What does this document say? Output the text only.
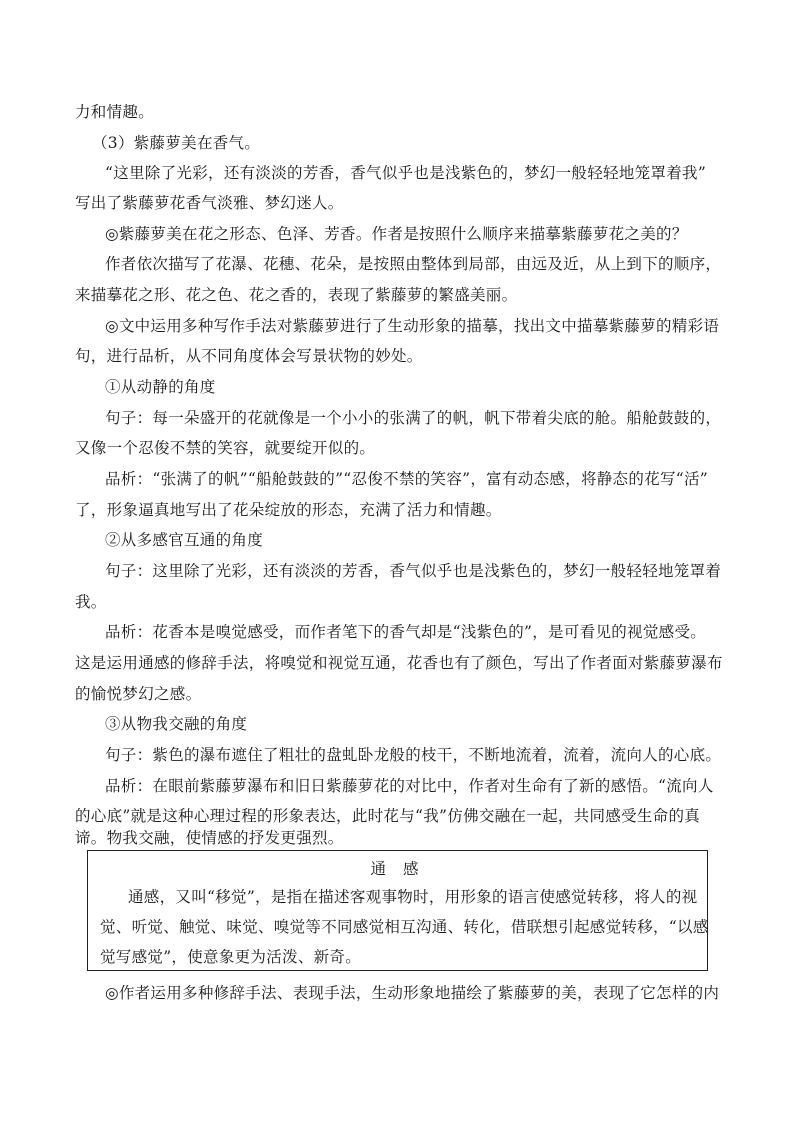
力和情趣。
（3）紫藤萝美在香气。
“这里除了光彩，还有淡淡的芳香，香气似乎也是浅紫色的，梦幻一般轻轻地笼罩着我”
写出了紫藤萝花香气淡雅、梦幻迷人。
◎紫藤萝美在花之形态、色泽、芳香。作者是按照什么顺序来描摹紫藤萝花之美的？
作者依次描写了花瀑、花穗、花朵，是按照由整体到局部，由远及近，从上到下的顺序，
来描摹花之形、花之色、花之香的，表现了紫藤萝的繁盛美丽。
◎文中运用多种写作手法对紫藤萝进行了生动形象的描摹，找出文中描摹紫藤萝的精彩语
句，进行品析，从不同角度体会写景状物的妙处。
①从动静的角度
句子：每一朵盛开的花就像是一个小小的张满了的帆，帆下带着尖底的舱。船舱鼓鼓的，
又像一个忍俊不禁的笑容，就要绽开似的。
品析：“张满了的帆”“船舱鼓鼓的”“忍俊不禁的笑容”，富有动态感，将静态的花写“活”
了，形象逼真地写出了花朵绽放的形态，充满了活力和情趣。
②从多感官互通的角度
句子：这里除了光彩，还有淡淡的芳香，香气似乎也是浅紫色的，梦幻一般轻轻地笼罩着
我。
品析：花香本是嗅觉感受，而作者笔下的香气却是“浅紫色的”，是可看见的视觉感受。
这是运用通感的修辞手法，将嗅觉和视觉互通，花香也有了颜色，写出了作者面对紫藤萝瀑布
的愉悦梦幻之感。
③从物我交融的角度
句子：紫色的瀑布遮住了粗壮的盘虬卧龙般的枝干，不断地流着，流着，流向人的心底。
品析：在眼前紫藤萝瀑布和旧日紫藤萝花的对比中，作者对生命有了新的感悟。“流向人
的心底”就是这种心理过程的形象表达，此时花与“我”仿佛交融在一起，共同感受生命的真
谛。物我交融，使情感的抒发更强烈。
通 感
通感，又叫“移觉”，是指在描述客观事物时，用形象的语言使感觉转移，将人的视
觉、听觉、触觉、味觉、嗅觉等不同感觉相互沟通、转化，借联想引起感觉转移，“以感
觉写感觉”，使意象更为活泼、新奇。
◎作者运用多种修辞手法、表现手法，生动形象地描绘了紫藤萝的美，表现了它怎样的内
